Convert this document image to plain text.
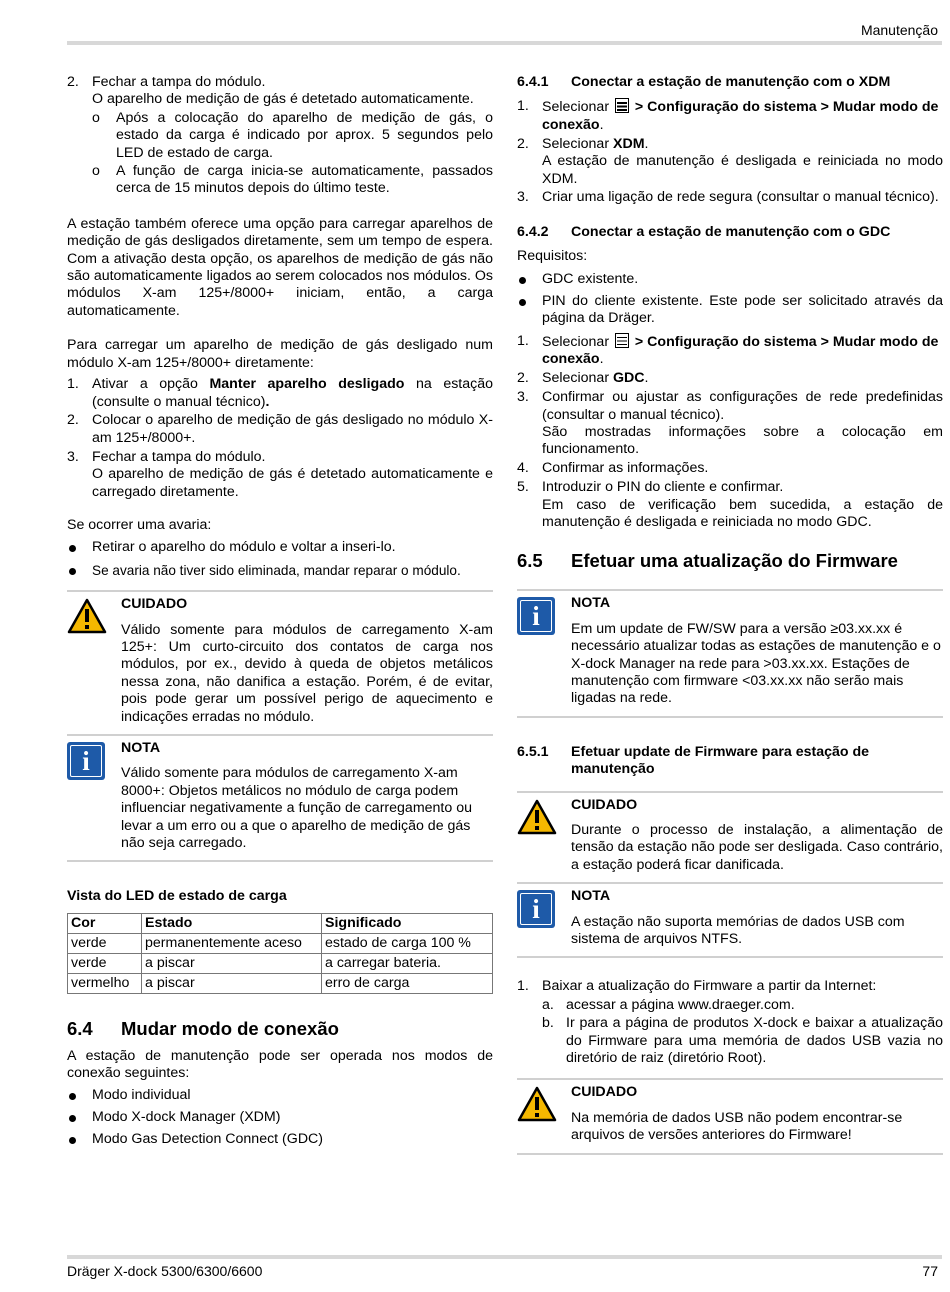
Manutenção
2. Fechar a tampa do módulo.
O aparelho de medição de gás é detetado automaticamente.
o Após a colocação do aparelho de medição de gás, o estado da carga é indicado por aprox. 5 segundos pelo LED de estado de carga.
o A função de carga inicia-se automaticamente, passados cerca de 15 minutos depois do último teste.

A estação também oferece uma opção para carregar aparelhos de medição de gás desligados diretamente, sem um tempo de espera. Com a ativação desta opção, os aparelhos de medição de gás não são automaticamente ligados ao serem colocados nos módulos. Os módulos X-am 125+/8000+ iniciam, então, a carga automaticamente.

Para carregar um aparelho de medição de gás desligado num módulo X-am 125+/8000+ diretamente:

1. Ativar a opção Manter aparelho desligado na estação (consulte o manual técnico).
2. Colocar o aparelho de medição de gás desligado no módulo X-am 125+/8000+.
3. Fechar a tampa do módulo.
O aparelho de medição de gás é detetado automaticamente e carregado diretamente.
Se ocorrer uma avaria:
Retirar o aparelho do módulo e voltar a inseri-lo.
Se avaria não tiver sido eliminada, mandar reparar o módulo.
CUIDADO
Válido somente para módulos de carregamento X-am 125+: Um curto-circuito dos contatos de carga nos módulos, por ex., devido à queda de objetos metálicos nessa zona, não danifica a estação. Porém, é de evitar, pois pode gerar um possível perigo de aquecimento e indicações erradas no módulo.
i	NOTA
Válido somente para módulos de carregamento X-am 8000+: Objetos metálicos no módulo de carga podem influenciar negativamente a função de carregamento ou levar a um erro ou a que o aparelho de medição de gás não seja carregado.
Vista do LED de estado de carga
Cor	Estado	Significado
verde	permanentemente aceso	estado de carga 100 %
verde	a piscar	a carregar bateria.
vermelho	a piscar	erro de carga
6.4	Mudar modo de conexão

A estação de manutenção pode ser operada nos modos de conexão seguintes:

Modo individual
Modo X-dock Manager (XDM)
Modo Gas Detection Connect (GDC)
6.4.1	Conectar a estação de manutenção com o XDM
1. Selecionar  > Configuração do sistema > Mudar modo de conexão.
2. Selecionar XDM.
A estação de manutenção é desligada e reiniciada no modo XDM.
3. Criar uma ligação de rede segura (consultar o manual técnico).
6.4.2	Conectar a estação de manutenção com o GDC
Requisitos:
GDC existente.
PIN do cliente existente. Este pode ser solicitado através da página da Dräger.
1. Selecionar  > Configuração do sistema > Mudar modo de conexão.
2. Selecionar GDC.
3. Confirmar ou ajustar as configurações de rede predefinidas (consultar o manual técnico).
São mostradas informações sobre a colocação em funcionamento.
4. Confirmar as informações.
5. Introduzir o PIN do cliente e confirmar.
Em caso de verificação bem sucedida, a estação de manutenção é desligada e reiniciada no modo GDC.
6.5	Efetuar uma atualização do Firmware
i	NOTA
Em um update de FW/SW para a versão ≥03.xx.xx é necessário atualizar todas as estações de manutenção e o X-dock Manager na rede para >03.xx.xx. Estações de manutenção com firmware <03.xx.xx não serão mais ligadas na rede.
6.5.1	Efetuar update de Firmware para estação de manutenção
CUIDADO
Durante o processo de instalação, a alimentação de tensão da estação não pode ser desligada. Caso contrário, a estação poderá ficar danificada.
i	NOTA
A estação não suporta memórias de dados USB com sistema de arquivos NTFS.
1. Baixar a atualização do Firmware a partir da Internet:
a. acessar a página www.draeger.com.
b. Ir para a página de produtos X-dock e baixar a atualização do Firmware para uma memória de dados USB vazia no diretório de raiz (diretório Root).
CUIDADO
Na memória de dados USB não podem encontrar-se arquivos de versões anteriores do Firmware!
Dräger X-dock 5300/6300/6600	77
